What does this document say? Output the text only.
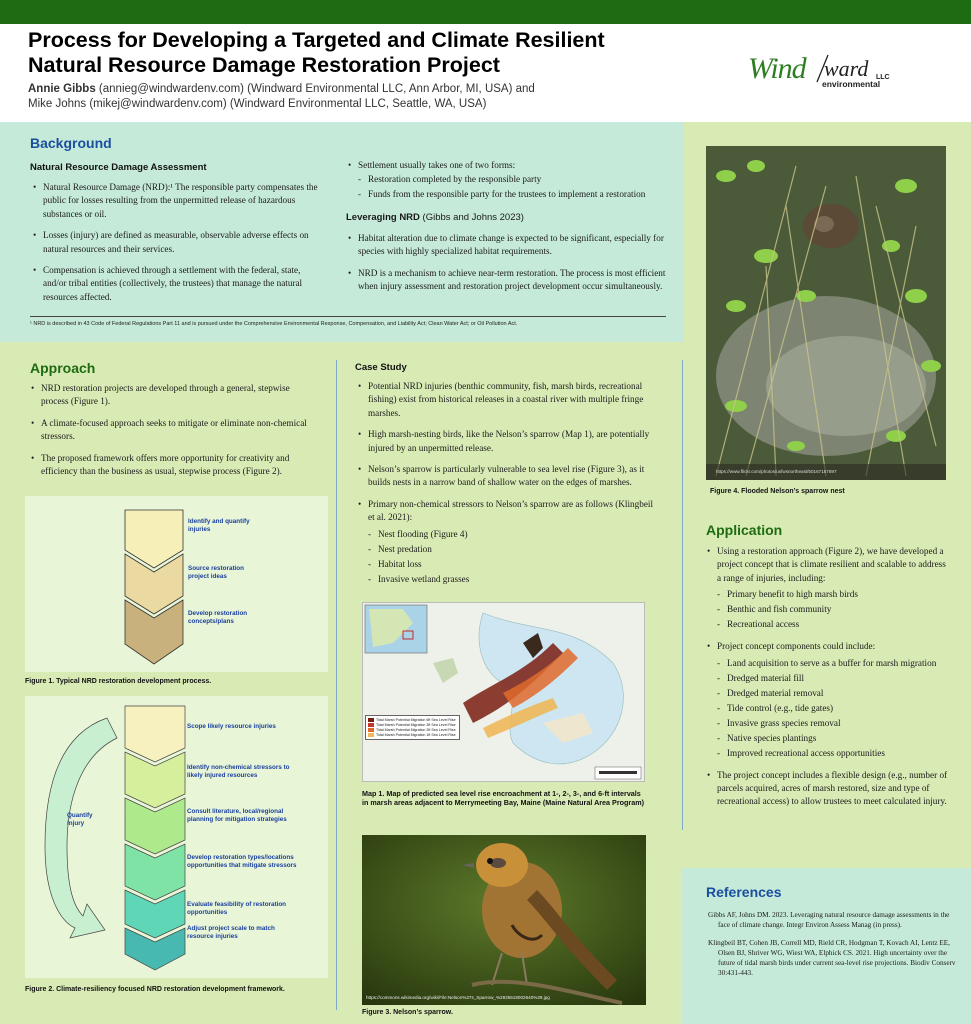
Process for Developing a Targeted and Climate Resilient
Natural Resource Damage Restoration Project
Annie Gibbs (annieg@windwardenv.com) (Windward Environmental LLC, Ann Arbor, MI, USA) and
Mike Johns (mikej@windwardenv.com) (Windward Environmental LLC, Seattle, WA, USA)
Wind ward
environmental
LLC
Background
Natural Resource Damage Assessment
• Natural Resource Damage (NRD):¹ The responsible party compensates the public for losses resulting from the unpermitted release of hazardous substances or oil.
• Losses (injury) are defined as measurable, observable adverse effects on natural resources and their services.
• Compensation is achieved through a settlement with the federal, state, and/or tribal entities (collectively, the trustees) that manage the natural resources affected.
• Settlement usually takes one of two forms:
- Restoration completed by the responsible party
- Funds from the responsible party for the trustees to implement a restoration
Leveraging NRD (Gibbs and Johns 2023)
• Habitat alteration due to climate change is expected to be significant, especially for species with highly specialized habitat requirements.
• NRD is a mechanism to achieve near-term restoration. The process is most efficient when injury assessment and restoration project development occur simultaneously.
¹ NRD is described in 43 Code of Federal Regulations Part 11 and is pursued under the Comprehensive Environmental Response, Compensation, and Liability Act; Clean Water Act; or Oil Pollution Act.
Approach
• NRD restoration projects are developed through a general, stepwise process (Figure 1).
• A climate-focused approach seeks to mitigate or eliminate non-chemical stressors.
• The proposed framework offers more opportunity for creativity and efficiency than the business as usual, stepwise process (Figure 2).
Identify and quantify injuries
Source restoration project ideas
Develop restoration concepts/plans
Figure 1. Typical NRD restoration development process.
Scope likely resource injuries
Identify non-chemical stressors to likely injured resources
Consult literature, local/regional planning for mitigation strategies
Develop restoration types/locations opportunities that mitigate stressors
Evaluate feasibility of restoration opportunities
Adjust project scale to match resource injuries
Quantify injury
Figure 2. Climate-resiliency focused NRD restoration development framework.
Case Study
• Potential NRD injuries (benthic community, fish, marsh birds, recreational fishing) exist from historical releases in a coastal river with multiple fringe marshes.
• High marsh-nesting birds, like the Nelson’s sparrow (Map 1), are potentially injured by an unpermitted release.
• Nelson’s sparrow is particularly vulnerable to sea level rise (Figure 3), as it builds nests in a narrow band of shallow water on the edges of marshes.
• Primary non-chemical stressors to Nelson’s sparrow are as follows (Klingbeil et al. 2021):
- Nest flooding (Figure 4)
- Nest predation
- Habitat loss
- Invasive wetland grasses
Tidal Marsh Potential Migration 6ft Sea Level Rise
Tidal Marsh Potential Migration 3ft Sea Level Rise
Tidal Marsh Potential Migration 2ft Sea Level Rise
Tidal Marsh Potential Migration 1ft Sea Level Rise
Map 1. Map of predicted sea level rise encroachment at 1-, 2-, 3-, and 6-ft intervals in marsh areas adjacent to Merrymeeting Bay, Maine (Maine Natural Area Program)
https://commons.wikimedia.org/wiki/File:Nelson%27s_Sparrow_%2835518002640%29.jpg
Figure 3. Nelson’s sparrow.
https://www.flickr.com/photos/usfwsnortheast/50167157897
Figure 4. Flooded Nelson’s sparrow nest
Application
• Using a restoration approach (Figure 2), we have developed a project concept that is climate resilient and scalable to address a range of injuries, including:
- Primary benefit to high marsh birds
- Benthic and fish community
- Recreational access
• Project concept components could include:
- Land acquisition to serve as a buffer for marsh migration
- Dredged material fill
- Dredged material removal
- Tide control (e.g., tide gates)
- Invasive grass species removal
- Native species plantings
- Improved recreational access opportunities
• The project concept includes a flexible design (e.g., number of parcels acquired, acres of marsh restored, size and type of recreational access) to allow trustees to meet calculated injury.
References
Gibbs AF, Johns DM. 2023. Leveraging natural resource damage assessments in the face of climate change. Integr Environ Assess Manag (in press).
Klingbeil BT, Cohen JB, Correll MD, Rield CR, Hodgman T, Kovach AI, Lentz EE, Olsen BJ, Shriver WG, Wiest WA, Elphick CS. 2021. High uncertainty over the future of tidal marsh birds under current sea-level rise projections. Biodiv Conserv 30:431-443.
